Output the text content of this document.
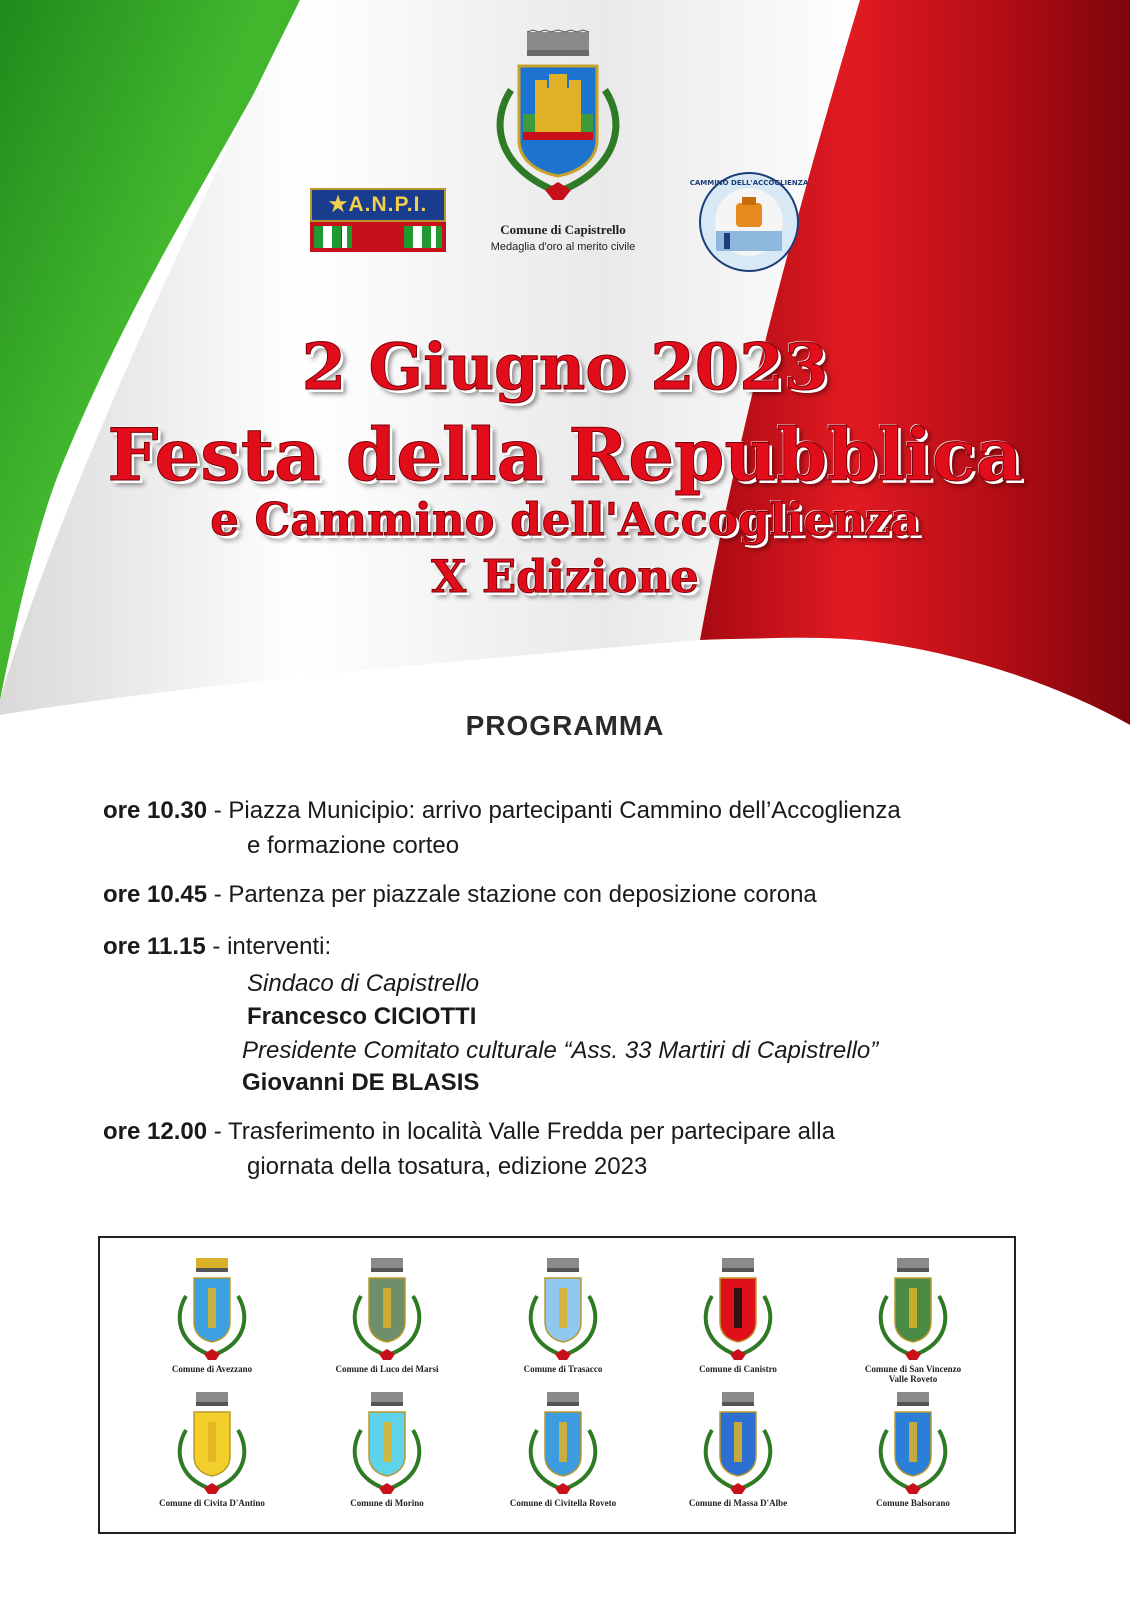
★A.N.P.I.
Comune di Capistrello
Medaglia d'oro al merito civile
CAMMINO DELL'ACCOGLIENZA
2 Giugno 2023
Festa della Repubblica
e Cammino dell'Accoglienza
X Edizione
PROGRAMMA
ore 10.30 - Piazza Municipio: arrivo partecipanti Cammino dell’Accoglienza
e formazione corteo
ore 10.45 - Partenza per piazzale stazione con deposizione corona
ore 11.15 - interventi:
Sindaco di Capistrello
Francesco CICIOTTI
Presidente Comitato culturale “Ass. 33 Martiri di Capistrello”
Giovanni DE BLASIS
ore 12.00 - Trasferimento in località Valle Fredda per partecipare alla
giornata della tosatura, edizione 2023
Comune di Avezzano	Comune di Luco dei Marsi	Comune di Trasacco	Comune di Canistro	Comune di San Vincenzo
Valle Roveto
Comune di Civita D'Antino	Comune di Morino	Comune di Civitella Roveto	Comune di Massa D'Albe	Comune Balsorano
